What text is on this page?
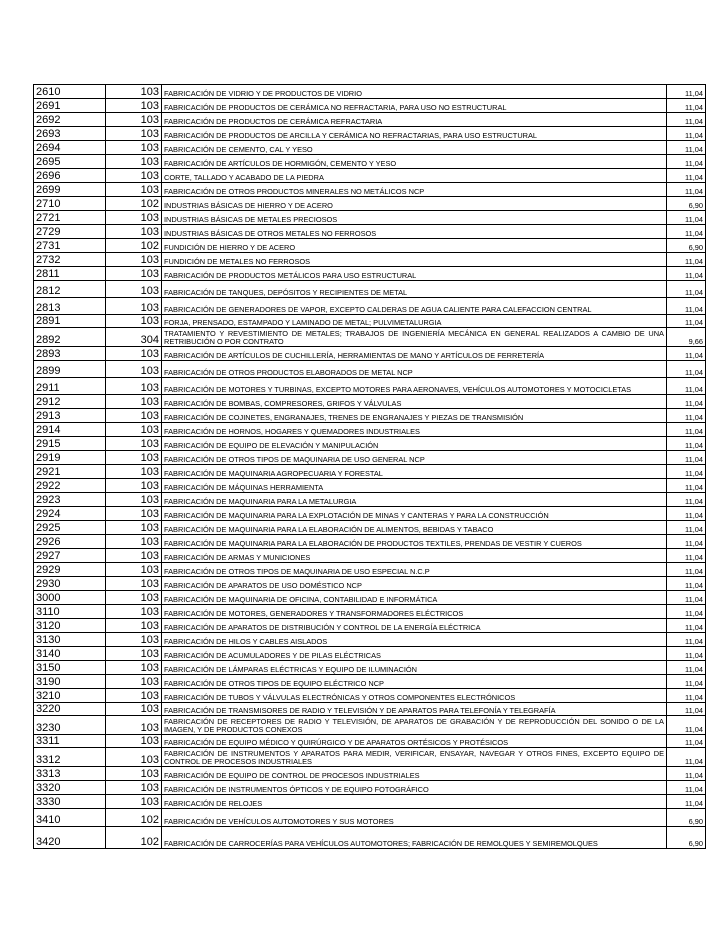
2610	103	FABRICACIÓN DE VIDRIO Y DE PRODUCTOS DE VIDRIO	11,04
2691	103	FABRICACIÓN DE PRODUCTOS DE CERÁMICA NO REFRACTARIA, PARA USO NO ESTRUCTURAL	11,04
2692	103	FABRICACIÓN DE PRODUCTOS DE CERÁMICA REFRACTARIA	11,04
2693	103	FABRICACIÓN DE PRODUCTOS DE ARCILLA Y CERÁMICA NO REFRACTARIAS, PARA USO ESTRUCTURAL	11,04
2694	103	FABRICACIÓN DE CEMENTO, CAL Y YESO	11,04
2695	103	FABRICACIÓN DE ARTÍCULOS DE HORMIGÓN, CEMENTO Y YESO	11,04
2696	103	CORTE, TALLADO Y ACABADO DE LA PIEDRA	11,04
2699	103	FABRICACIÓN DE OTROS PRODUCTOS MINERALES NO METÁLICOS NCP	11,04
2710	102	INDUSTRIAS BÁSICAS DE HIERRO Y DE ACERO	6,90
2721	103	INDUSTRIAS BÁSICAS DE METALES PRECIOSOS	11,04
2729	103	INDUSTRIAS BÁSICAS DE OTROS METALES NO FERROSOS	11,04
2731	102	FUNDICIÓN DE HIERRO Y DE ACERO	6,90
2732	103	FUNDICIÓN DE METALES NO FERROSOS	11,04
2811	103	FABRICACIÓN DE PRODUCTOS METÁLICOS PARA USO ESTRUCTURAL	11,04
2812	103	FABRICACIÓN DE TANQUES, DEPÓSITOS Y RECIPIENTES DE METAL	11,04
2813	103	FABRICACIÓN DE GENERADORES DE VAPOR, EXCEPTO CALDERAS DE AGUA CALIENTE PARA CALEFACCION CENTRAL	11,04
2891	103	FORJA, PRENSADO, ESTAMPADO Y LAMINADO DE METAL; PULVIMETALURGIA	11,04
2892	304	TRATAMIENTO Y REVESTIMIENTO DE METALES; TRABAJOS DE INGENIERÍA MECÁNICA EN GENERAL REALIZADOS A CAMBIO DE UNA RETRIBUCIÓN O POR CONTRATO	9,66
2893	103	FABRICACIÓN DE ARTÍCULOS DE CUCHILLERÍA, HERRAMIENTAS DE MANO Y ARTÍCULOS DE FERRETERÍA	11,04
2899	103	FABRICACIÓN DE OTROS PRODUCTOS ELABORADOS DE METAL NCP	11,04
2911	103	FABRICACIÓN DE MOTORES Y TURBINAS, EXCEPTO MOTORES PARA AERONAVES, VEHÍCULOS AUTOMOTORES Y MOTOCICLETAS	11,04
2912	103	FABRICACIÓN DE BOMBAS, COMPRESORES, GRIFOS Y VÁLVULAS	11,04
2913	103	FABRICACIÓN DE COJINETES, ENGRANAJES, TRENES DE ENGRANAJES Y PIEZAS DE TRANSMISIÓN	11,04
2914	103	FABRICACIÓN DE HORNOS, HOGARES Y QUEMADORES INDUSTRIALES	11,04
2915	103	FABRICACIÓN DE EQUIPO DE ELEVACIÓN Y MANIPULACIÓN	11,04
2919	103	FABRICACIÓN DE OTROS TIPOS DE MAQUINARIA DE USO GENERAL NCP	11,04
2921	103	FABRICACIÓN DE MAQUINARIA AGROPECUARIA Y FORESTAL	11,04
2922	103	FABRICACIÓN DE MÁQUINAS HERRAMIENTA	11,04
2923	103	FABRICACIÓN DE MAQUINARIA PARA LA METALURGIA	11,04
2924	103	FABRICACIÓN DE MAQUINARIA PARA LA EXPLOTACIÓN DE MINAS Y CANTERAS Y PARA LA CONSTRUCCIÓN	11,04
2925	103	FABRICACIÓN DE MAQUINARIA PARA LA ELABORACIÓN DE ALIMENTOS, BEBIDAS Y TABACO	11,04
2926	103	FABRICACIÓN DE MAQUINARIA PARA LA ELABORACIÓN DE PRODUCTOS TEXTILES, PRENDAS DE VESTIR Y CUEROS	11,04
2927	103	FABRICACIÓN DE ARMAS Y MUNICIONES	11,04
2929	103	FABRICACIÓN DE OTROS TIPOS DE MAQUINARIA DE USO ESPECIAL N.C.P	11,04
2930	103	FABRICACIÓN DE APARATOS DE USO DOMÉSTICO NCP	11,04
3000	103	FABRICACIÓN DE MAQUINARIA DE OFICINA, CONTABILIDAD E INFORMÁTICA	11,04
3110	103	FABRICACIÓN DE MOTORES, GENERADORES Y TRANSFORMADORES ELÉCTRICOS	11,04
3120	103	FABRICACIÓN DE APARATOS DE DISTRIBUCIÓN Y CONTROL DE LA ENERGÍA ELÉCTRICA	11,04
3130	103	FABRICACIÓN DE HILOS Y CABLES AISLADOS	11,04
3140	103	FABRICACIÓN DE ACUMULADORES Y DE PILAS ELÉCTRICAS	11,04
3150	103	FABRICACIÓN DE LÁMPARAS ELÉCTRICAS Y EQUIPO DE ILUMINACIÓN	11,04
3190	103	FABRICACIÓN DE OTROS TIPOS DE EQUIPO ELÉCTRICO NCP	11,04
3210	103	FABRICACIÓN DE TUBOS Y VÁLVULAS ELECTRÓNICAS Y OTROS COMPONENTES ELECTRÓNICOS	11,04
3220	103	FABRICACIÓN DE TRANSMISORES DE RADIO Y TELEVISIÓN Y DE APARATOS PARA TELEFONÍA Y TELEGRAFÍA	11,04
3230	103	FABRICACIÓN DE RECEPTORES DE RADIO Y TELEVISIÓN, DE APARATOS DE GRABACIÓN Y DE REPRODUCCIÓN DEL SONIDO O DE LA IMAGEN, Y DE PRODUCTOS CONEXOS	11,04
3311	103	FABRICACIÓN DE EQUIPO MÉDICO Y QUIRÚRGICO Y DE APARATOS ORTÉSICOS Y PROTÉSICOS	11,04
3312	103	FABRICACIÓN DE INSTRUMENTOS Y APARATOS PARA MEDIR, VERIFICAR, ENSAYAR, NAVEGAR Y OTROS FINES, EXCEPTO EQUIPO DE CONTROL DE PROCESOS INDUSTRIALES	11,04
3313	103	FABRICACIÓN DE EQUIPO DE CONTROL DE PROCESOS INDUSTRIALES	11,04
3320	103	FABRICACIÓN DE INSTRUMENTOS ÓPTICOS Y DE EQUIPO FOTOGRÁFICO	11,04
3330	103	FABRICACIÓN DE RELOJES	11,04
3410	102	FABRICACIÓN DE VEHÍCULOS AUTOMOTORES Y SUS MOTORES	6,90
3420	102	FABRICACIÓN DE CARROCERÍAS PARA VEHÍCULOS AUTOMOTORES; FABRICACIÓN DE REMOLQUES Y SEMIREMOLQUES	6,90
